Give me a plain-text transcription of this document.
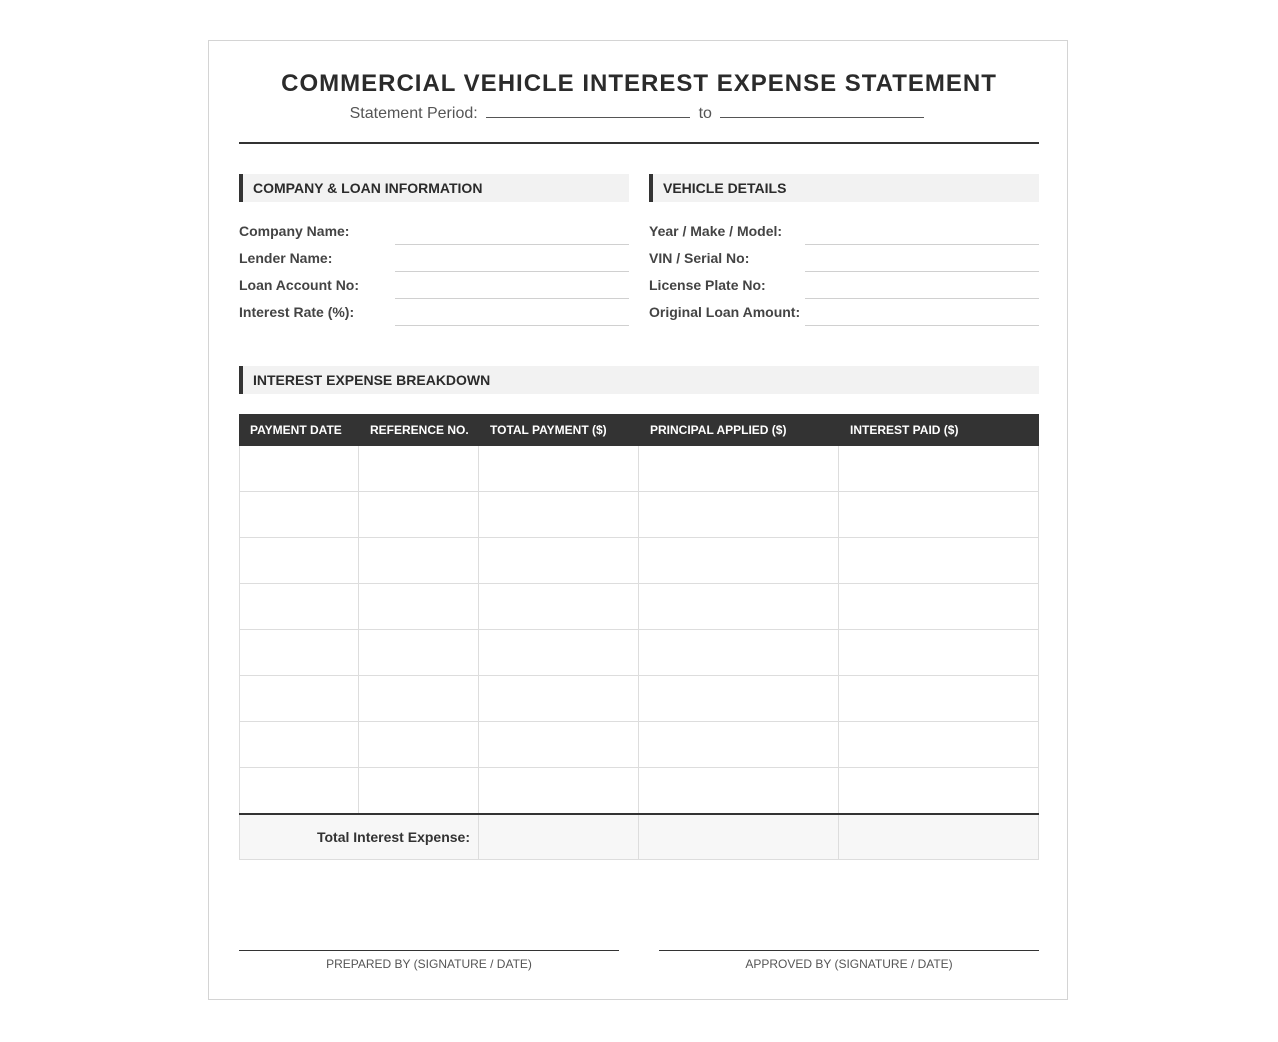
COMMERCIAL VEHICLE INTEREST EXPENSE STATEMENT
Statement Period:	to
COMPANY & LOAN INFORMATION
Company Name:
Lender Name:
Loan Account No:
Interest Rate (%):
VEHICLE DETAILS
Year / Make / Model:
VIN / Serial No:
License Plate No:
Original Loan Amount:
INTEREST EXPENSE BREAKDOWN
PAYMENT DATE	REFERENCE NO.	TOTAL PAYMENT ($)	PRINCIPAL APPLIED ($)	INTEREST PAID ($)
Total Interest Expense:
PREPARED BY (SIGNATURE / DATE)	APPROVED BY (SIGNATURE / DATE)
